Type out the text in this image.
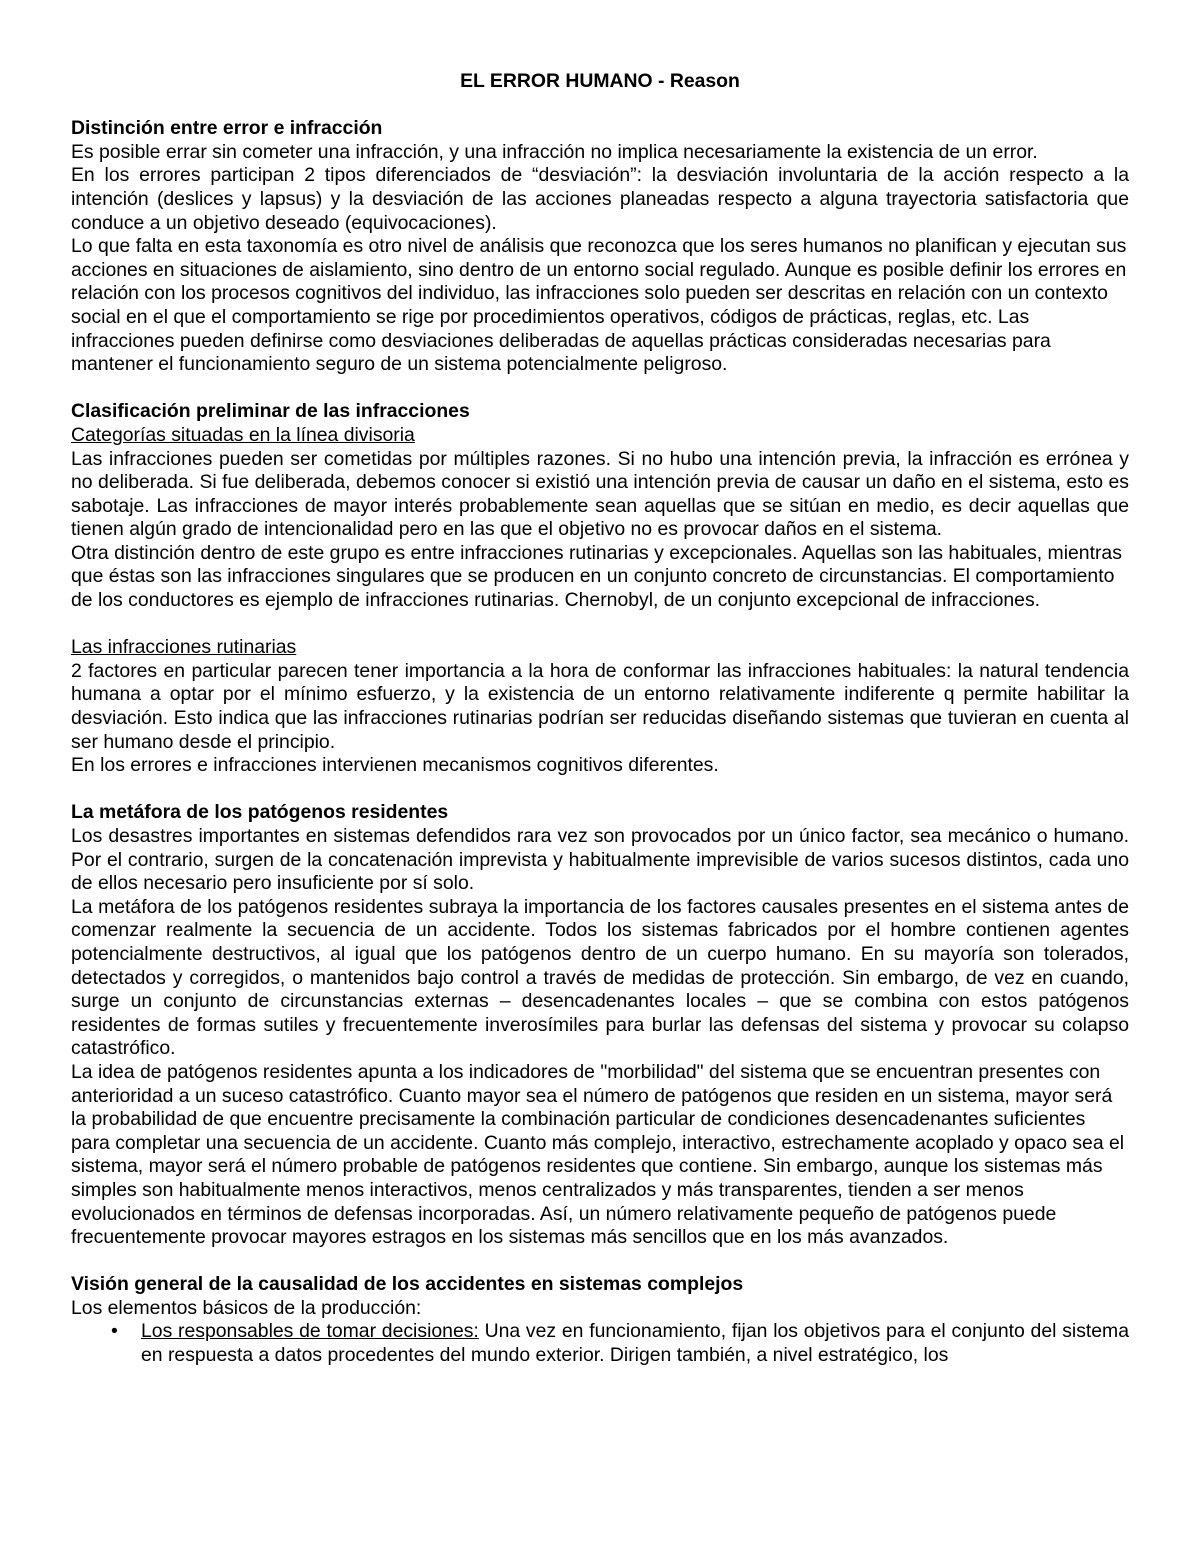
EL ERROR HUMANO - Reason
Distinción entre error e infracción

Es posible errar sin cometer una infracción, y una infracción no implica necesariamente la existencia de un error.

En los errores participan 2 tipos diferenciados de “desviación”: la desviación involuntaria de la acción respecto a la intención (deslices y lapsus) y la desviación de las acciones planeadas respecto a alguna trayectoria satisfactoria que conduce a un objetivo deseado (equivocaciones).

Lo que falta en esta taxonomía es otro nivel de análisis que reconozca que los seres humanos no planifican y ejecutan sus acciones en situaciones de aislamiento, sino dentro de un entorno social regulado. Aunque es posible definir los errores en relación con los procesos cognitivos del individuo, las infracciones solo pueden ser descritas en relación con un contexto social en el que el comportamiento se rige por procedimientos operativos, códigos de prácticas, reglas, etc. Las infracciones pueden definirse como desviaciones deliberadas de aquellas prácticas consideradas necesarias para mantener el funcionamiento seguro de un sistema potencialmente peligroso.

Clasificación preliminar de las infracciones
Categorías situadas en la línea divisoria

Las infracciones pueden ser cometidas por múltiples razones. Si no hubo una intención previa, la infracción es errónea y no deliberada. Si fue deliberada, debemos conocer si existió una intención previa de causar un daño en el sistema, esto es sabotaje. Las infracciones de mayor interés probablemente sean aquellas que se sitúan en medio, es decir aquellas que tienen algún grado de intencionalidad pero en las que el objetivo no es provocar daños en el sistema.

Otra distinción dentro de este grupo es entre infracciones rutinarias y excepcionales. Aquellas son las habituales, mientras que éstas son las infracciones singulares que se producen en un conjunto concreto de circunstancias. El comportamiento de los conductores es ejemplo de infracciones rutinarias. Chernobyl, de un conjunto excepcional de infracciones.

Las infracciones rutinarias

2 factores en particular parecen tener importancia a la hora de conformar las infracciones habituales: la natural tendencia humana a optar por el mínimo esfuerzo, y la existencia de un entorno relativamente indiferente q permite habilitar la desviación. Esto indica que las infracciones rutinarias podrían ser reducidas diseñando sistemas que tuvieran en cuenta al ser humano desde el principio.

En los errores e infracciones intervienen mecanismos cognitivos diferentes.

La metáfora de los patógenos residentes

Los desastres importantes en sistemas defendidos rara vez son provocados por un único factor, sea mecánico o humano. Por el contrario, surgen de la concatenación imprevista y habitualmente imprevisible de varios sucesos distintos, cada uno de ellos necesario pero insuficiente por sí solo.

La metáfora de los patógenos residentes subraya la importancia de los factores causales presentes en el sistema antes de comenzar realmente la secuencia de un accidente. Todos los sistemas fabricados por el hombre contienen agentes potencialmente destructivos, al igual que los patógenos dentro de un cuerpo humano. En su mayoría son tolerados, detectados y corregidos, o mantenidos bajo control a través de medidas de protección. Sin embargo, de vez en cuando, surge un conjunto de circunstancias externas – desencadenantes locales – que se combina con estos patógenos residentes de formas sutiles y frecuentemente inverosímiles para burlar las defensas del sistema y provocar su colapso catastrófico.

La idea de patógenos residentes apunta a los indicadores de "morbilidad" del sistema que se encuentran presentes con anterioridad a un suceso catastrófico. Cuanto mayor sea el número de patógenos que residen en un sistema, mayor será la probabilidad de que encuentre precisamente la combinación particular de condiciones desencadenantes suficientes para completar una secuencia de un accidente. Cuanto más complejo, interactivo, estrechamente acoplado y opaco sea el sistema, mayor será el número probable de patógenos residentes que contiene. Sin embargo, aunque los sistemas más simples son habitualmente menos interactivos, menos centralizados y más transparentes, tienden a ser menos evolucionados en términos de defensas incorporadas. Así, un número relativamente pequeño de patógenos puede frecuentemente provocar mayores estragos en los sistemas más sencillos que en los más avanzados.

Visión general de la causalidad de los accidentes en sistemas complejos

Los elementos básicos de la producción:

• Los responsables de tomar decisiones: Una vez en funcionamiento, fijan los objetivos para el conjunto del sistema en respuesta a datos procedentes del mundo exterior. Dirigen también, a nivel estratégico, los
